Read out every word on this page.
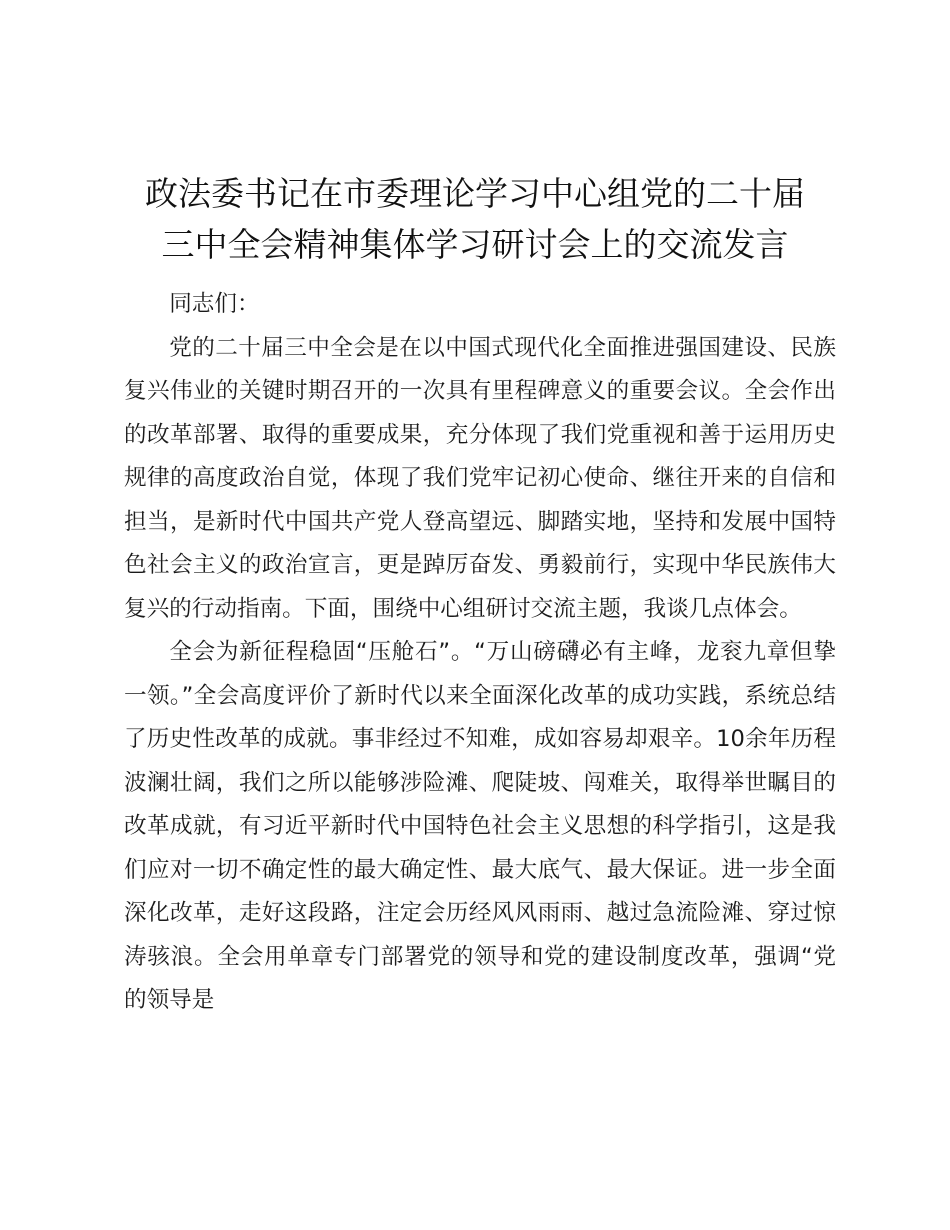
政法委书记在市委理论学习中心组党的二十届
三中全会精神集体学习研讨会上的交流发言

同志们：

党的二十届三中全会是在以中国式现代化全面推进强国建设、民族复兴伟业的关键时期召开的一次具有里程碑意义的重要会议。全会作出的改革部署、取得的重要成果，充分体现了我们党重视和善于运用历史规律的高度政治自觉，体现了我们党牢记初心使命、继往开来的自信和担当，是新时代中国共产党人登高望远、脚踏实地，坚持和发展中国特色社会主义的政治宣言，更是踔厉奋发、勇毅前行，实现中华民族伟大复兴的行动指南。下面，围绕中心组研讨交流主题，我谈几点体会。

全会为新征程稳固“压舱石”。“万山磅礴必有主峰，龙衮九章但挚一领。”全会高度评价了新时代以来全面深化改革的成功实践，系统总结了历史性改革的成就。事非经过不知难，成如容易却艰辛。10余年历程波澜壮阔，我们之所以能够涉险滩、爬陡坡、闯难关，取得举世瞩目的改革成就，有习近平新时代中国特色社会主义思想的科学指引，这是我们应对一切不确定性的最大确定性、最大底气、最大保证。进一步全面深化改革，走好这段路，注定会历经风风雨雨、越过急流险滩、穿过惊涛骇浪。全会用单章专门部署党的领导和党的建设制度改革，强调“党的领导是
